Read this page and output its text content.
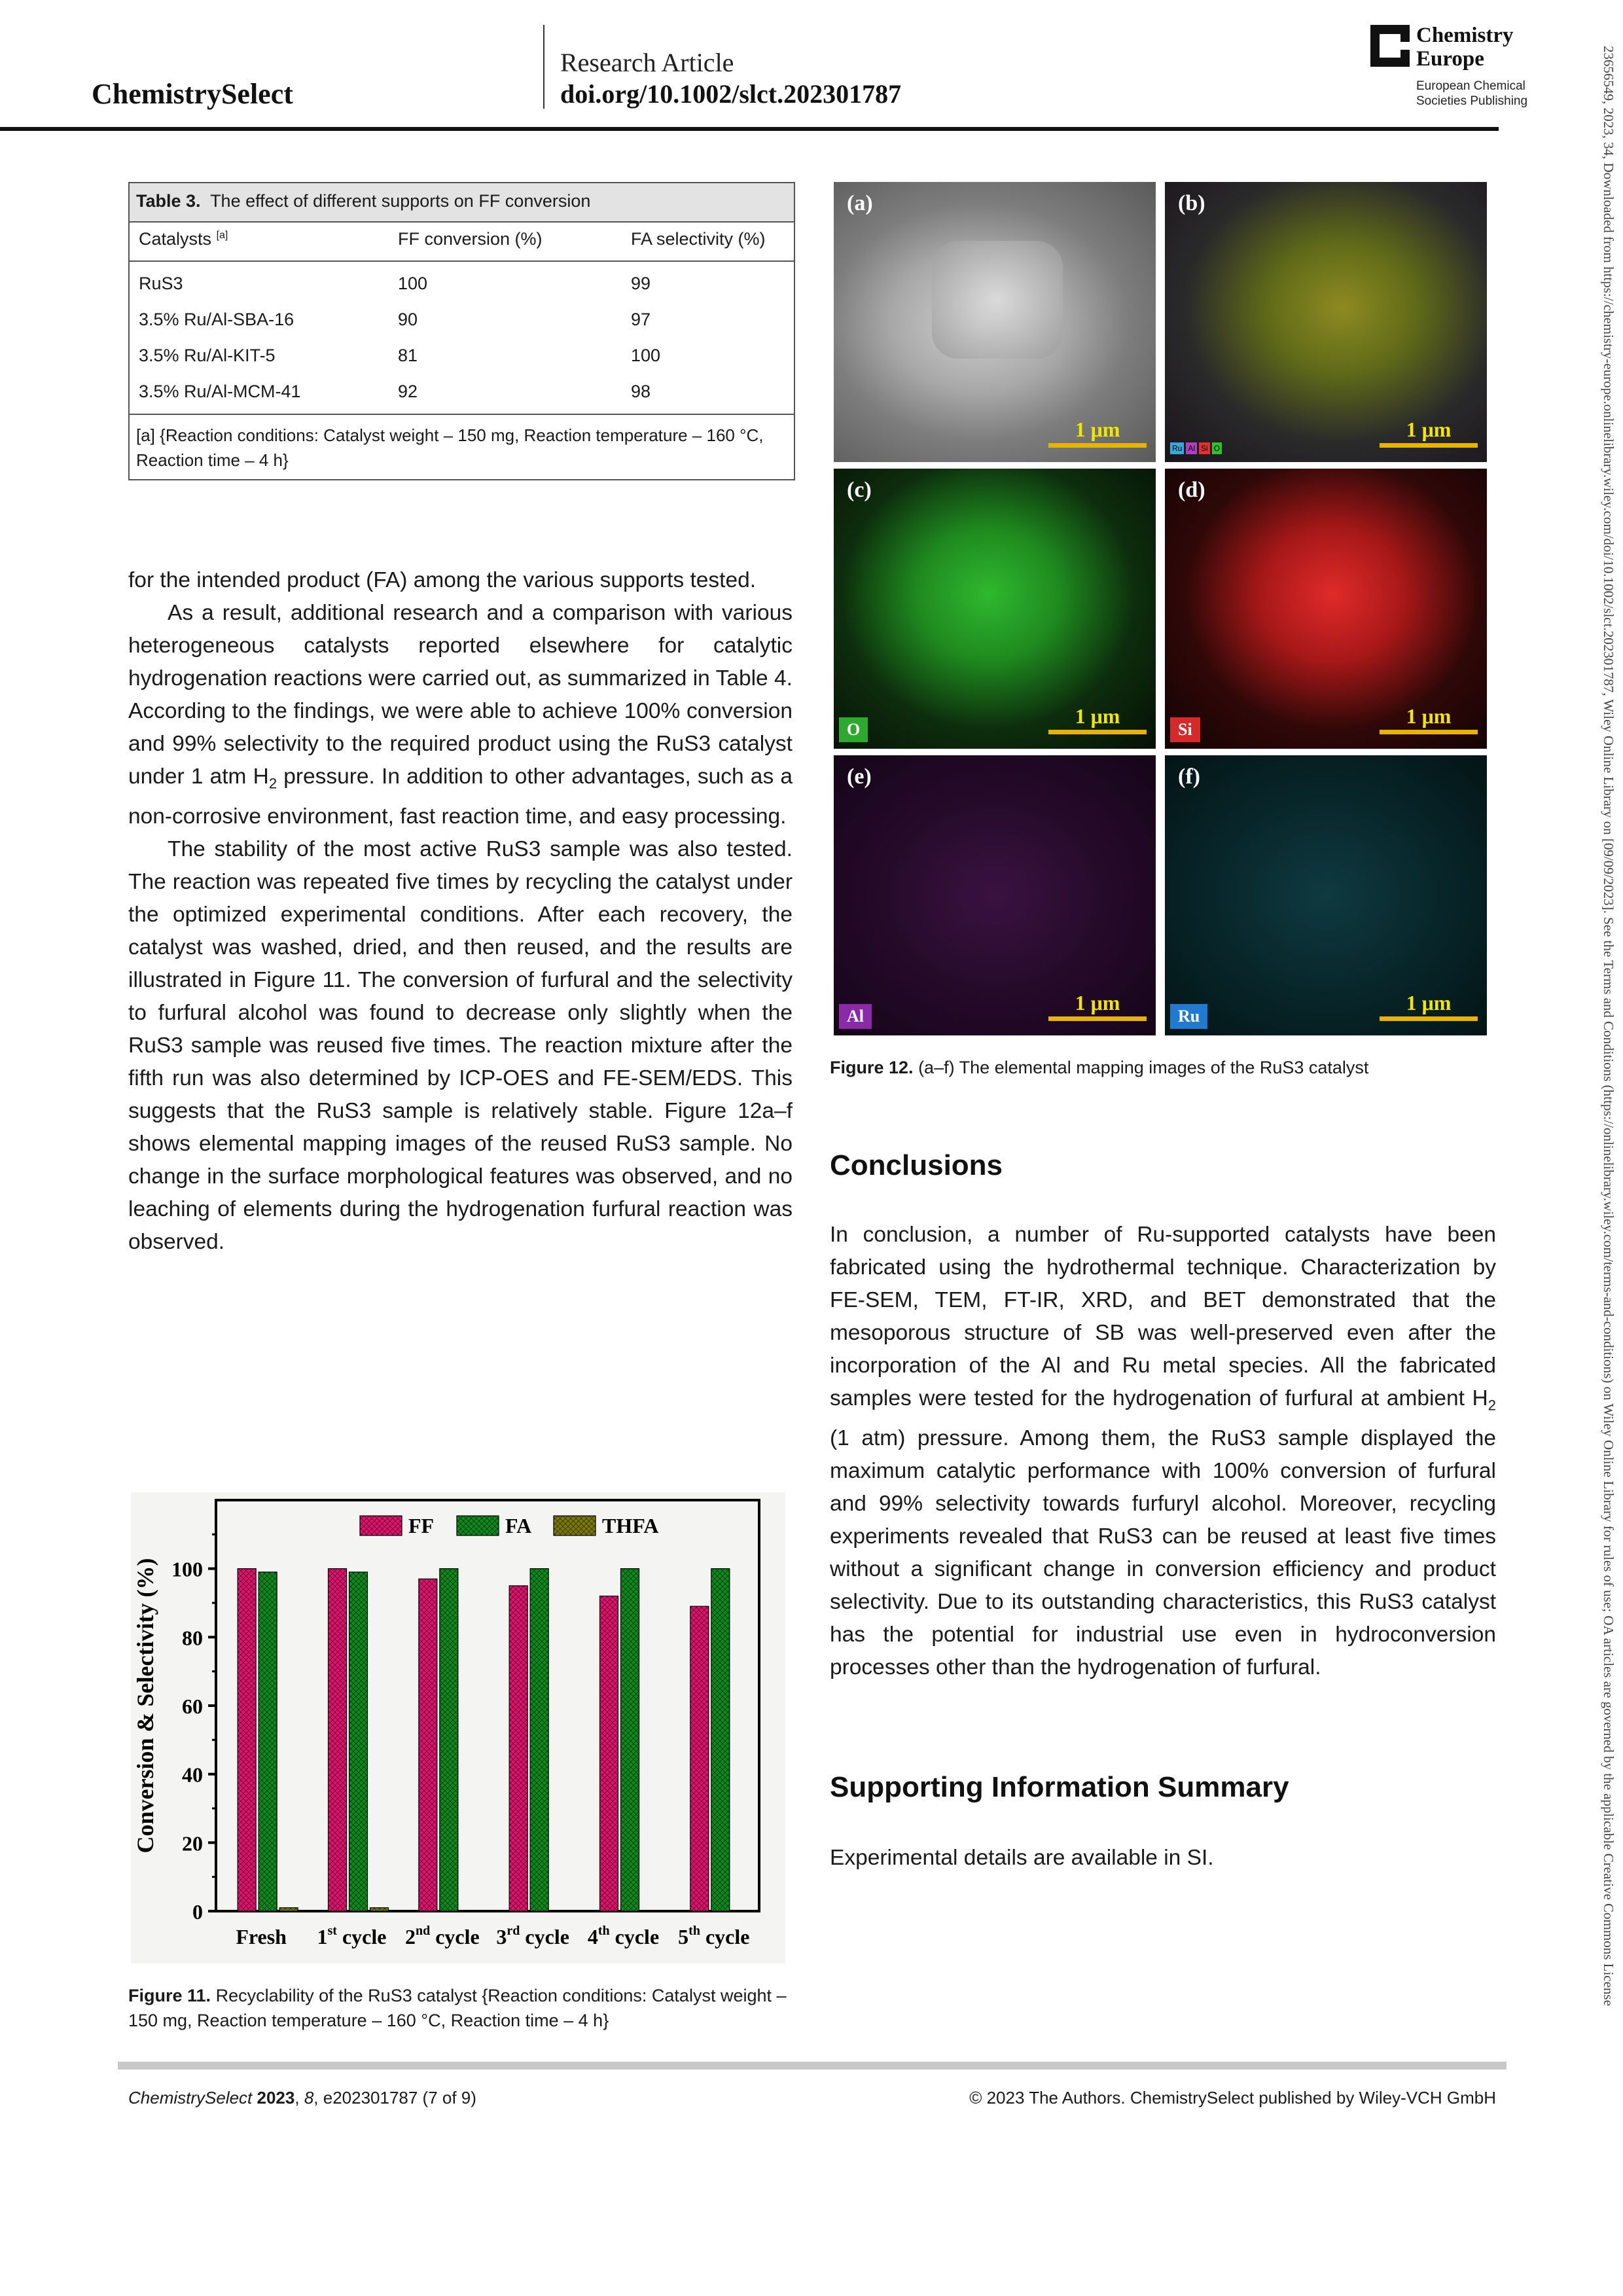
ChemistrySelect
Research Article
doi.org/10.1002/slct.202301787
Chemistry
Europe
European Chemical
Societies Publishing	23656549, 2023, 34, Downloaded from https://chemistry-europe.onlinelibrary.wiley.com/doi/10.1002/slct.202301787, Wiley Online Library on [09/09/2023]. See the Terms and Conditions (https://onlinelibrary.wiley.com/terms-and-conditions) on Wiley Online Library for rules of use; OA articles are governed by the applicable Creative Commons License
Table 3. The effect of different supports on FF conversion
Catalysts [a]	FF conversion (%)	FA selectivity (%)
RuS3	100	99
3.5% Ru/Al-SBA-16	90	97
3.5% Ru/Al-KIT-5	81	100
3.5% Ru/Al-MCM-41	92	98
[a] {Reaction conditions: Catalyst weight – 150 mg, Reaction temperature – 160 °C, Reaction time – 4 h}

for the intended product (FA) among the various supports tested.

As a result, additional research and a comparison with various heterogeneous catalysts reported elsewhere for catalytic hydrogenation reactions were carried out, as summarized in Table 4. According to the findings, we were able to achieve 100% conversion and 99% selectivity to the required product using the RuS3 catalyst under 1 atm $H_2$ pressure. In addition to other advantages, such as a non-corrosive environment, fast reaction time, and easy processing.

The stability of the most active RuS3 sample was also tested. The reaction was repeated five times by recycling the catalyst under the optimized experimental conditions. After each recovery, the catalyst was washed, dried, and then reused, and the results are illustrated in Figure 11. The conversion of furfural and the selectivity to furfural alcohol was found to decrease only slightly when the RuS3 sample was reused five times. The reaction mixture after the fifth run was also determined by ICP-OES and FE-SEM/EDS. This suggests that the RuS3 sample is relatively stable. Figure 12a–f shows elemental mapping images of the reused RuS3 sample. No change in the surface morphological features was observed, and no leaching of elements during the hydrogenation furfural reaction was observed.

0
20
40
60
80
100
Conversion & Selectivity (%)
Fresh 1st cycle 2nd cycle 3rd cycle 4th cycle 5th cycle
FF	FA	THFA
Figure 11. Recyclability of the RuS3 catalyst {Reaction conditions: Catalyst weight – 150 mg, Reaction temperature – 160 °C, Reaction time – 4 h}
(a)
1 μm
(b)
Ru Al Si O
1 μm
(c)
O
1 μm
(d)
Si
1 μm
(e)
Al
1 μm
(f)
Ru
1 μm
Figure 12. (a–f) The elemental mapping images of the RuS3 catalyst
Conclusions

In conclusion, a number of Ru-supported catalysts have been fabricated using the hydrothermal technique. Characterization by FE-SEM, TEM, FT-IR, XRD, and BET demonstrated that the mesoporous structure of SB was well-preserved even after the incorporation of the Al and Ru metal species. All the fabricated samples were tested for the hydrogenation of furfural at ambient $H_2$ (1 atm) pressure. Among them, the RuS3 sample displayed the maximum catalytic performance with 100% conversion of furfural and 99% selectivity towards furfuryl alcohol. Moreover, recycling experiments revealed that RuS3 can be reused at least five times without a significant change in conversion efficiency and product selectivity. Due to its outstanding characteristics, this RuS3 catalyst has the potential for industrial use even in hydroconversion processes other than the hydrogenation of furfural.

Supporting Information Summary
Experimental details are available in SI.
ChemistrySelect 2023, 8, e202301787 (7 of 9)	© 2023 The Authors. ChemistrySelect published by Wiley-VCH GmbH
